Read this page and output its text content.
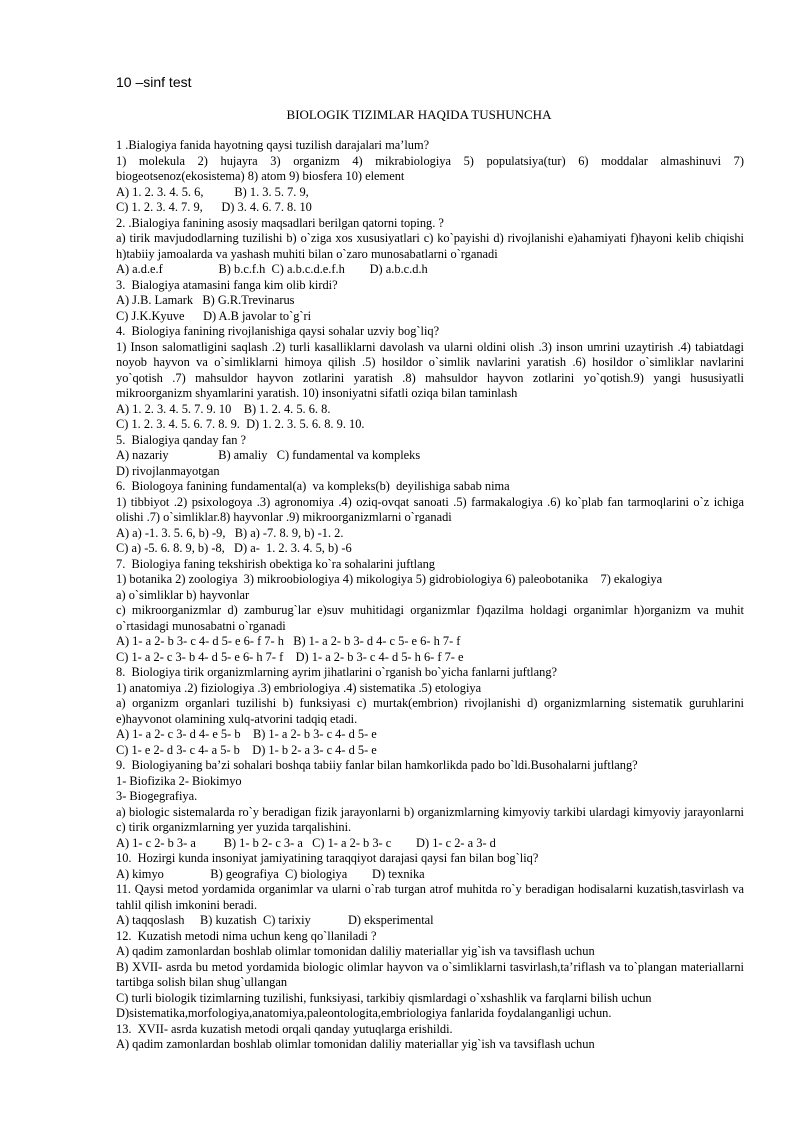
10 –sinf test
BIOLOGIK TIZIMLAR HAQIDA TUSHUNCHA
1 .Bialogiya fanida hayotning qaysi tuzilish darajalari ma’lum?
1) molekula 2) hujayra 3) organizm 4) mikrabiologiya 5) populatsiya(tur) 6) moddalar almashinuvi 7) biogeotsenoz(ekosistema) 8) atom 9) biosfera 10) element
A) 1. 2. 3. 4. 5. 6,          B) 1. 3. 5. 7. 9,
C) 1. 2. 3. 4. 7. 9,      D) 3. 4. 6. 7. 8. 10
2. .Bialogiya fanining asosiy maqsadlari berilgan qatorni toping. ?
a) tirik mavjudodlarning tuzilishi b) o`ziga xos xususiyatlari c) ko`payishi d) rivojlanishi e)ahamiyati f)hayoni kelib chiqishi h)tabiiy jamoalarda va yashash muhiti bilan o`zaro munosabatlarni o`rganadi
A) a.d.e.f                  B) b.c.f.h  C) a.b.c.d.e.f.h        D) a.b.c.d.h
3.  Bialogiya atamasini fanga kim olib kirdi?
A) J.B. Lamark   B) G.R.Trevinarus
C) J.K.Kyuve      D) A.B javolar to`g`ri
4.  Biologiya fanining rivojlanishiga qaysi sohalar uzviy bog`liq?
1) Inson salomatligini saqlash .2) turli kasalliklarni davolash va ularni oldini olish .3) inson umrini uzaytirish .4) tabiatdagi noyob hayvon va o`simliklarni himoya qilish .5) hosildor o`simlik navlarini yaratish .6) hosildor o`simliklar navlarini yo`qotish .7) mahsuldor hayvon zotlarini yaratish .8) mahsuldor hayvon zotlarini yo`qotish.9) yangi hususiyatli mikroorganizm shyamlarini yaratish. 10) insoniyatni sifatli oziqa bilan taminlash
A) 1. 2. 3. 4. 5. 7. 9. 10    B) 1. 2. 4. 5. 6. 8.
C) 1. 2. 3. 4. 5. 6. 7. 8. 9.  D) 1. 2. 3. 5. 6. 8. 9. 10.
5.  Bialogiya qanday fan ?
A) nazariy                B) amaliy   C) fundamental va kompleks
D) rivojlanmayotgan
6.  Biologoya fanining fundamental(a)  va kompleks(b)  deyilishiga sabab nima
1) tibbiyot .2) psixologoya .3) agronomiya .4) oziq-ovqat sanoati .5) farmakalogiya .6) ko`plab fan tarmoqlarini o`z ichiga olishi .7) o`simliklar.8) hayvonlar .9) mikroorganizmlarni o`rganadi
A) a) -1. 3. 5. 6, b) -9,   B) a) -7. 8. 9, b) -1. 2.
C) a) -5. 6. 8. 9, b) -8,   D) a-  1. 2. 3. 4. 5, b) -6
7.  Biologiya faning tekshirish obektiga ko`ra sohalarini juftlang
1) botanika 2) zoologiya  3) mikroobiologiya 4) mikologiya 5) gidrobiologiya 6) paleobotanika    7) ekalogiya
a) o`simliklar b) hayvonlar
c) mikroorganizmlar d) zamburug`lar e)suv muhitidagi organizmlar f)qazilma holdagi organimlar h)organizm va muhit o`rtasidagi munosabatni o`rganadi
A) 1- a 2- b 3- c 4- d 5- e 6- f 7- h   B) 1- a 2- b 3- d 4- c 5- e 6- h 7- f
C) 1- a 2- c 3- b 4- d 5- e 6- h 7- f    D) 1- a 2- b 3- c 4- d 5- h 6- f 7- e
8.  Biologiya tirik organizmlarning ayrim jihatlarini o`rganish bo`yicha fanlarni juftlang?
1) anatomiya .2) fiziologiya .3) embriologiya .4) sistematika .5) etologiya
a) organizm organlari tuzilishi b) funksiyasi c) murtak(embrion) rivojlanishi d) organizmlarning sistematik guruhlarini e)hayvonot olamining xulq-atvorini tadqiq etadi.
A) 1- a 2- c 3- d 4- e 5- b    B) 1- a 2- b 3- c 4- d 5- e
C) 1- e 2- d 3- c 4- a 5- b    D) 1- b 2- a 3- c 4- d 5- e
9.  Biologiyaning ba’zi sohalari boshqa tabiiy fanlar bilan hamkorlikda pado bo`ldi.Busohalarni juftlang?
1- Biofizika 2- Biokimyo
3- Biogegrafiya.
a) biologic sistemalarda ro`y beradigan fizik jarayonlarni b) organizmlarning kimyoviy tarkibi ulardagi kimyoviy jarayonlarni c) tirik organizmlarning yer yuzida tarqalishini.
A) 1- c 2- b 3- a         B) 1- b 2- c 3- a   C) 1- a 2- b 3- c        D) 1- c 2- a 3- d
10.  Hozirgi kunda insoniyat jamiyatining taraqqiyot darajasi qaysi fan bilan bog`liq?
A) kimyo               B) geografiya  C) biologiya        D) texnika
11. Qaysi metod yordamida organimlar va ularni o`rab turgan atrof muhitda ro`y beradigan hodisalarni kuzatish,tasvirlash va tahlil qilish imkonini beradi.
A) taqqoslash     B) kuzatish  C) tarixiy            D) eksperimental
12.  Kuzatish metodi nima uchun keng qo`llaniladi ?
A) qadim zamonlardan boshlab olimlar tomonidan daliliy materiallar yig`ish va tavsiflash uchun
B) XVII- asrda bu metod yordamida biologic olimlar hayvon va o`simliklarni tasvirlash,ta’riflash va to`plangan materiallarni tartibga solish bilan shug`ullangan
C) turli biologik tizimlarning tuzilishi, funksiyasi, tarkibiy qismlardagi o`xshashlik va farqlarni bilish uchun
D)sistematika,morfologiya,anatomiya,paleontologita,embriologiya fanlarida foydalanganligi uchun.
13.  XVII- asrda kuzatish metodi orqali qanday yutuqlarga erishildi.
A) qadim zamonlardan boshlab olimlar tomonidan daliliy materiallar yig`ish va tavsiflash uchun
